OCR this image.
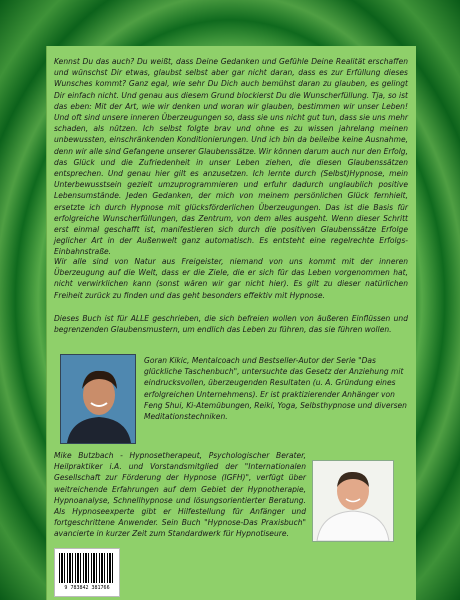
Kennst Du das auch? Du weißt, dass Deine Gedanken und Gefühle Deine Realität erschaffen und wünschst Dir etwas, glaubst selbst aber gar nicht daran, dass es zur Erfüllung dieses Wunsches kommt? Ganz egal, wie sehr Du Dich auch bemühst daran zu glauben, es gelingt Dir einfach nicht. Und genau aus diesem Grund blockierst Du die Wunscherfüllung. Tja, so ist das eben: Mit der Art, wie wir denken und woran wir glauben, bestimmen wir unser Leben! Und oft sind unsere inneren Überzeugungen so, dass sie uns nicht gut tun, dass sie uns mehr schaden, als nützen. Ich selbst folgte brav und ohne es zu wissen jahrelang meinen unbewussten, einschränkenden Konditionierungen. Und ich bin da beileibe keine Ausnahme, denn wir alle sind Gefangene unserer Glaubenssätze. Wir können darum auch nur den Erfolg, das Glück und die Zufriedenheit in unser Leben ziehen, die diesen Glaubenssätzen entsprechen. Und genau hier gilt es anzusetzen. Ich lernte durch (Selbst)Hypnose, mein Unterbewusstsein gezielt umzuprogrammieren und erfuhr dadurch unglaublich positive Lebensumstände. Jeden Gedanken, der mich von meinem persönlichen Glück fernhielt, ersetzte ich durch Hypnose mit glücksförderlichen Überzeugungen. Das ist die Basis für erfolgreiche Wunscherfüllungen, das Zentrum, von dem alles ausgeht. Wenn dieser Schritt erst einmal geschafft ist, manifestieren sich durch die positiven Glaubenssätze Erfolge jeglicher Art in der Außenwelt ganz automatisch. Es entsteht eine regelrechte Erfolgs-Einbahnstraße.

Wir alle sind von Natur aus Freigeister, niemand von uns kommt mit der inneren Überzeugung auf die Welt, dass er die Ziele, die er sich für das Leben vorgenommen hat, nicht verwirklichen kann (sonst wären wir gar nicht hier). Es gilt zu dieser natürlichen Freiheit zurück zu finden und das geht besonders effektiv mit Hypnose.

Dieses Buch ist für ALLE geschrieben, die sich befreien wollen von äußeren Einflüssen und begrenzenden Glaubensmustern, um endlich das Leben zu führen, das sie führen wollen.

Goran Kikic, Mentalcoach und Bestseller-Autor der Serie "Das glückliche Taschenbuch", untersuchte das Gesetz der Anziehung mit eindrucksvollen, überzeugenden Resultaten (u. A. Gründung eines erfolgreichen Unternehmens). Er ist praktizierender Anhänger von Feng Shui, Ki-Atemübungen, Reiki, Yoga, Selbsthypnose und diversen Meditationstechniken.

Mike Butzbach - Hypnosetherapeut, Psychologischer Berater, Heilpraktiker i.A. und Vorstandsmitglied der "Internationalen Gesellschaft zur Förderung der Hypnose (IGFH)", verfügt über weitreichende Erfahrungen auf dem Gebiet der Hypnotherapie, Hypnoanalyse, Schnellhypnose und lösungsorientierter Beratung. Als Hypnoseexperte gibt er Hilfestellung für Anfänger und fortgeschrittene Anwender. Sein Buch "Hypnose-Das Praxisbuch" avancierte in kurzer Zeit zum Standardwerk für Hypnotiseure.

9 783842 381766
